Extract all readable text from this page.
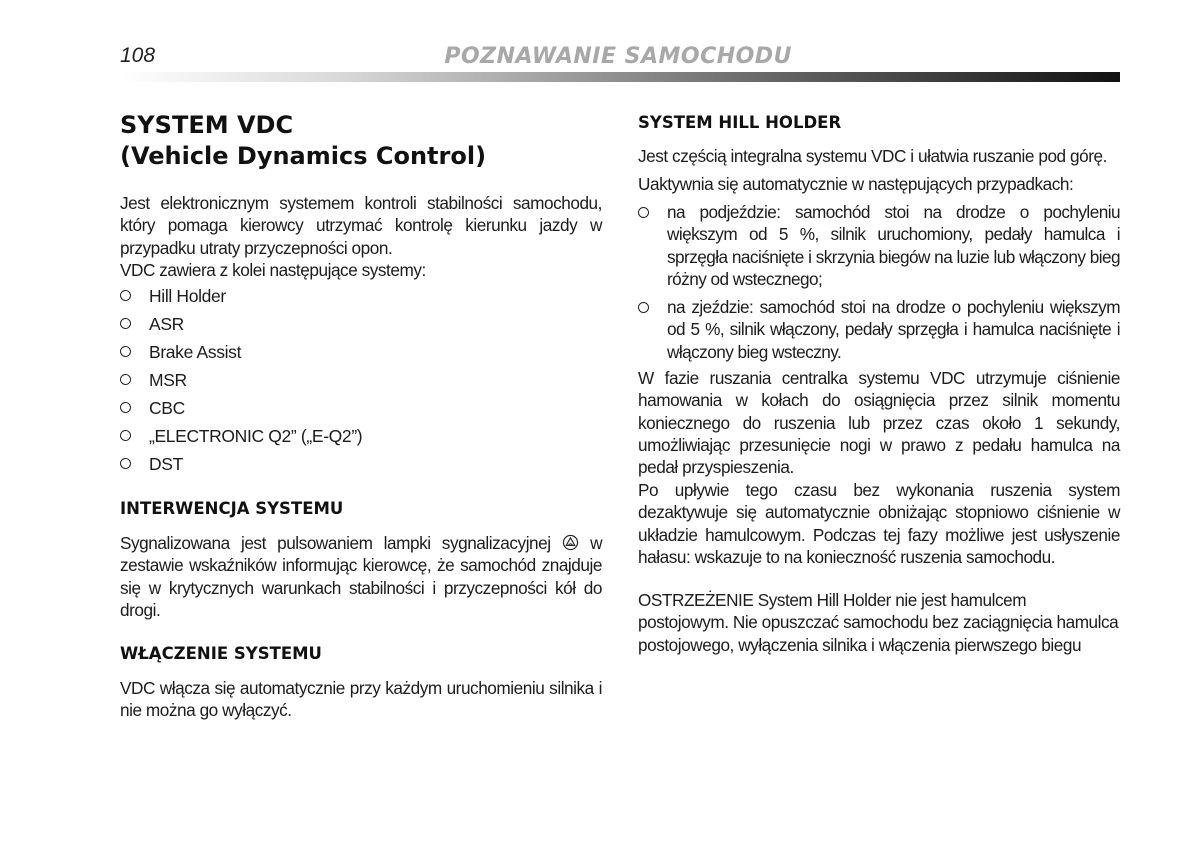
108	POZNAWANIE SAMOCHODU
SYSTEM VDC
(Vehicle Dynamics Control)

Jest elektronicznym systemem kontroli stabilności samochodu, który pomaga kierowcy utrzymać kontrolę kierunku jazdy w przypadku utraty przyczepności opon.

VDC zawiera z kolei następujące systemy:

Hill Holder
ASR
Brake Assist
MSR
CBC
„ELECTRONIC Q2” („E-Q2”)
DST
INTERWENCJA SYSTEMU

Sygnalizowana jest pulsowaniem lampki sygnalizacyjnej w zestawie wskaźników informując kierowcę, że samochód znajduje się w krytycznych warunkach stabilności i przyczepności kół do drogi.

WŁĄCZENIE SYSTEMU

VDC włącza się automatycznie przy każdym uruchomieniu silnika i nie można go wyłączyć.

SYSTEM HILL HOLDER

Jest częścią integralna systemu VDC i ułatwia ruszanie pod górę.

Uaktywnia się automatycznie w następujących przypadkach:

na podjeździe: samochód stoi na drodze o pochyleniu większym od 5 %, silnik uruchomiony, pedały hamulca i sprzęgła naciśnięte i skrzynia biegów na luzie lub włączony bieg różny od wstecznego;
na zjeździe: samochód stoi na drodze o pochyleniu większym od 5 %, silnik włączony, pedały sprzęgła i hamulca naciśnięte i włączony bieg wsteczny.

W fazie ruszania centralka systemu VDC utrzymuje ciśnienie hamowania w kołach do osiągnięcia przez silnik momentu koniecznego do ruszenia lub przez czas około 1 sekundy, umożliwiając przesunięcie nogi w prawo z pedału hamulca na pedał przyspieszenia.

Po upływie tego czasu bez wykonania ruszenia system dezaktywuje się automatycznie obniżając stopniowo ciśnienie w układzie hamulcowym. Podczas tej fazy możliwe jest usłyszenie hałasu: wskazuje to na konieczność ruszenia samochodu.

OSTRZEŻENIE System Hill Holder nie jest hamulcem postojowym. Nie opuszczać samochodu bez zaciągnięcia hamulca postojowego, wyłączenia silnika i włączenia pierwszego biegu
